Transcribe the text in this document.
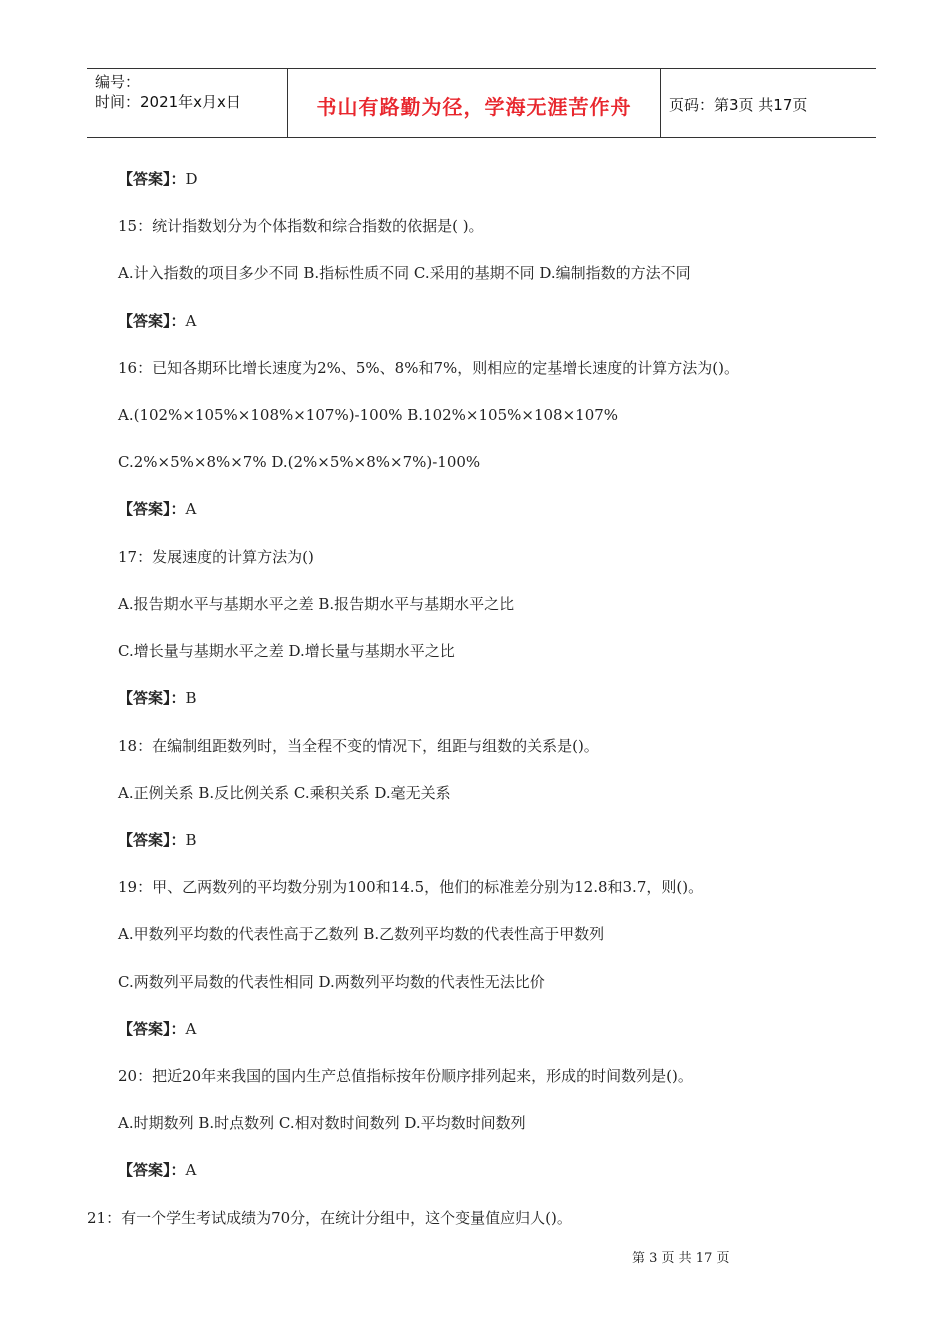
编号：
时间：2021年x月x日	书山有路勤为径，学海无涯苦作舟	页码：第3页 共17页
【答案】：D
15：统计指数划分为个体指数和综合指数的依据是( )。
A.计入指数的项目多少不同 B.指标性质不同 C.采用的基期不同 D.编制指数的方法不同
【答案】：A
16：已知各期环比增长速度为2%、5%、8%和7%，则相应的定基增长速度的计算方法为()。
A.(102%×105%×108%×107%)-100% B.102%×105%×108×107%
C.2%×5%×8%×7% D.(2%×5%×8%×7%)-100%
【答案】：A
17：发展速度的计算方法为()
A.报告期水平与基期水平之差 B.报告期水平与基期水平之比
C.增长量与基期水平之差 D.增长量与基期水平之比
【答案】：B
18：在编制组距数列时，当全程不变的情况下，组距与组数的关系是()。
A.正例关系 B.反比例关系 C.乘积关系 D.毫无关系
【答案】：B
19：甲、乙两数列的平均数分别为100和14.5，他们的标准差分别为12.8和3.7，则()。
A.甲数列平均数的代表性高于乙数列 B.乙数列平均数的代表性高于甲数列
C.两数列平局数的代表性相同 D.两数列平均数的代表性无法比价
【答案】：A
20：把近20年来我国的国内生产总值指标按年份顺序排列起来，形成的时间数列是()。
A.时期数列 B.时点数列 C.相对数时间数列 D.平均数时间数列
【答案】：A
21：有一个学生考试成绩为70分，在统计分组中，这个变量值应归人()。
第 3 页 共 17 页
